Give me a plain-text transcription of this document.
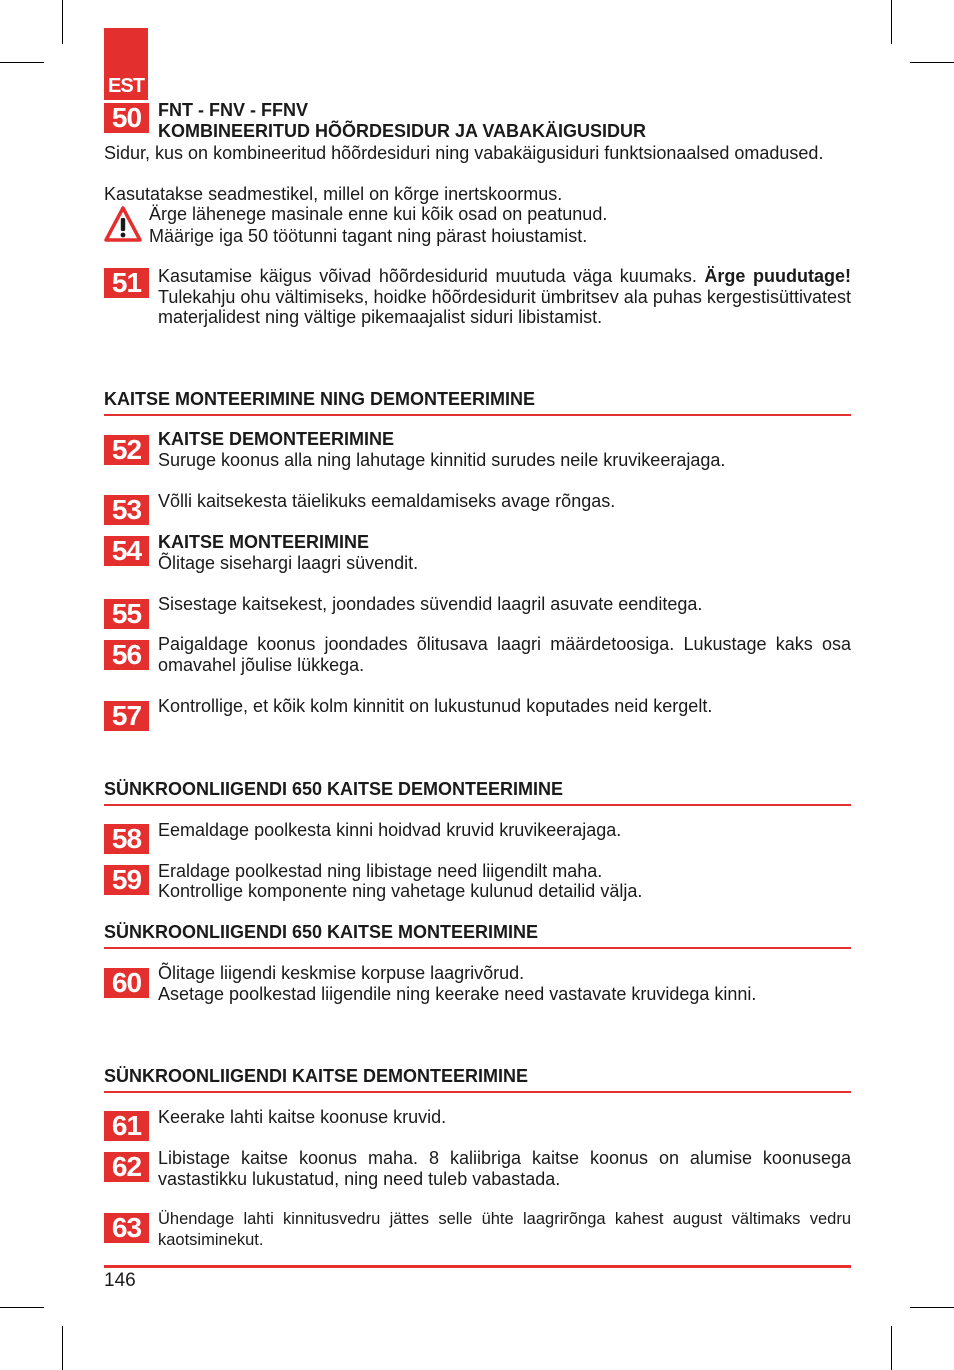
EST
50 FNT - FNV - FFNV
KOMBINEERITUD HÕÕRDESIDUR JA VABAKÄIGUSIDUR
Sidur, kus on kombineeritud hõõrdesiduri ning vabakäigusiduri funktsionaalsed omadused.
Kasutatakse seadmestikel, millel on kõrge inertskoormus.
Ärge lähenege masinale enne kui kõik osad on peatunud.
Määrige iga 50 töötunni tagant ning pärast hoiustamist.
51 Kasutamise käigus võivad hõõrdesidurid muutuda väga kuumaks. Ärge puudutage! Tulekahju ohu vältimiseks, hoidke hõõrdesidurit ümbritsev ala puhas kergestisüttivatest materjalidest ning vältige pikemaajalist siduri libistamist.
KAITSE MONTEERIMINE NING DEMONTEERIMINE
52 KAITSE DEMONTEERIMINE
Suruge koonus alla ning lahutage kinnitid surudes neile kruvikeerajaga.
53 Võlli kaitsekesta täielikuks eemaldamiseks avage rõngas.
54 KAITSE MONTEERIMINE
Õlitage sisehargi laagri süvendit.
55 Sisestage kaitsekest, joondades süvendid laagril asuvate eenditega.
56 Paigaldage koonus joondades õlitusava laagri määrdetoosiga. Lukustage kaks osa omavahel jõulise lükkega.
57 Kontrollige, et kõik kolm kinnitit on lukustunud koputades neid kergelt.
SÜNKROONLIIGENDI 650 KAITSE DEMONTEERIMINE
58 Eemaldage poolkesta kinni hoidvad kruvid kruvikeerajaga.
59 Eraldage poolkestad ning libistage need liigendilt maha.
Kontrollige komponente ning vahetage kulunud detailid välja.
SÜNKROONLIIGENDI 650 KAITSE MONTEERIMINE
60 Õlitage liigendi keskmise korpuse laagrivõrud.
Asetage poolkestad liigendile ning keerake need vastavate kruvidega kinni.
SÜNKROONLIIGENDI KAITSE DEMONTEERIMINE
61 Keerake lahti kaitse koonuse kruvid.
62 Libistage kaitse koonus maha. 8 kaliibriga kaitse koonus on alumise koonusega vastastikku lukustatud, ning need tuleb vabastada.
63	Ühendage lahti kinnitusvedru jättes selle ühte laagrirõnga kahest august vältimaks vedru kaotsiminekut.
146
